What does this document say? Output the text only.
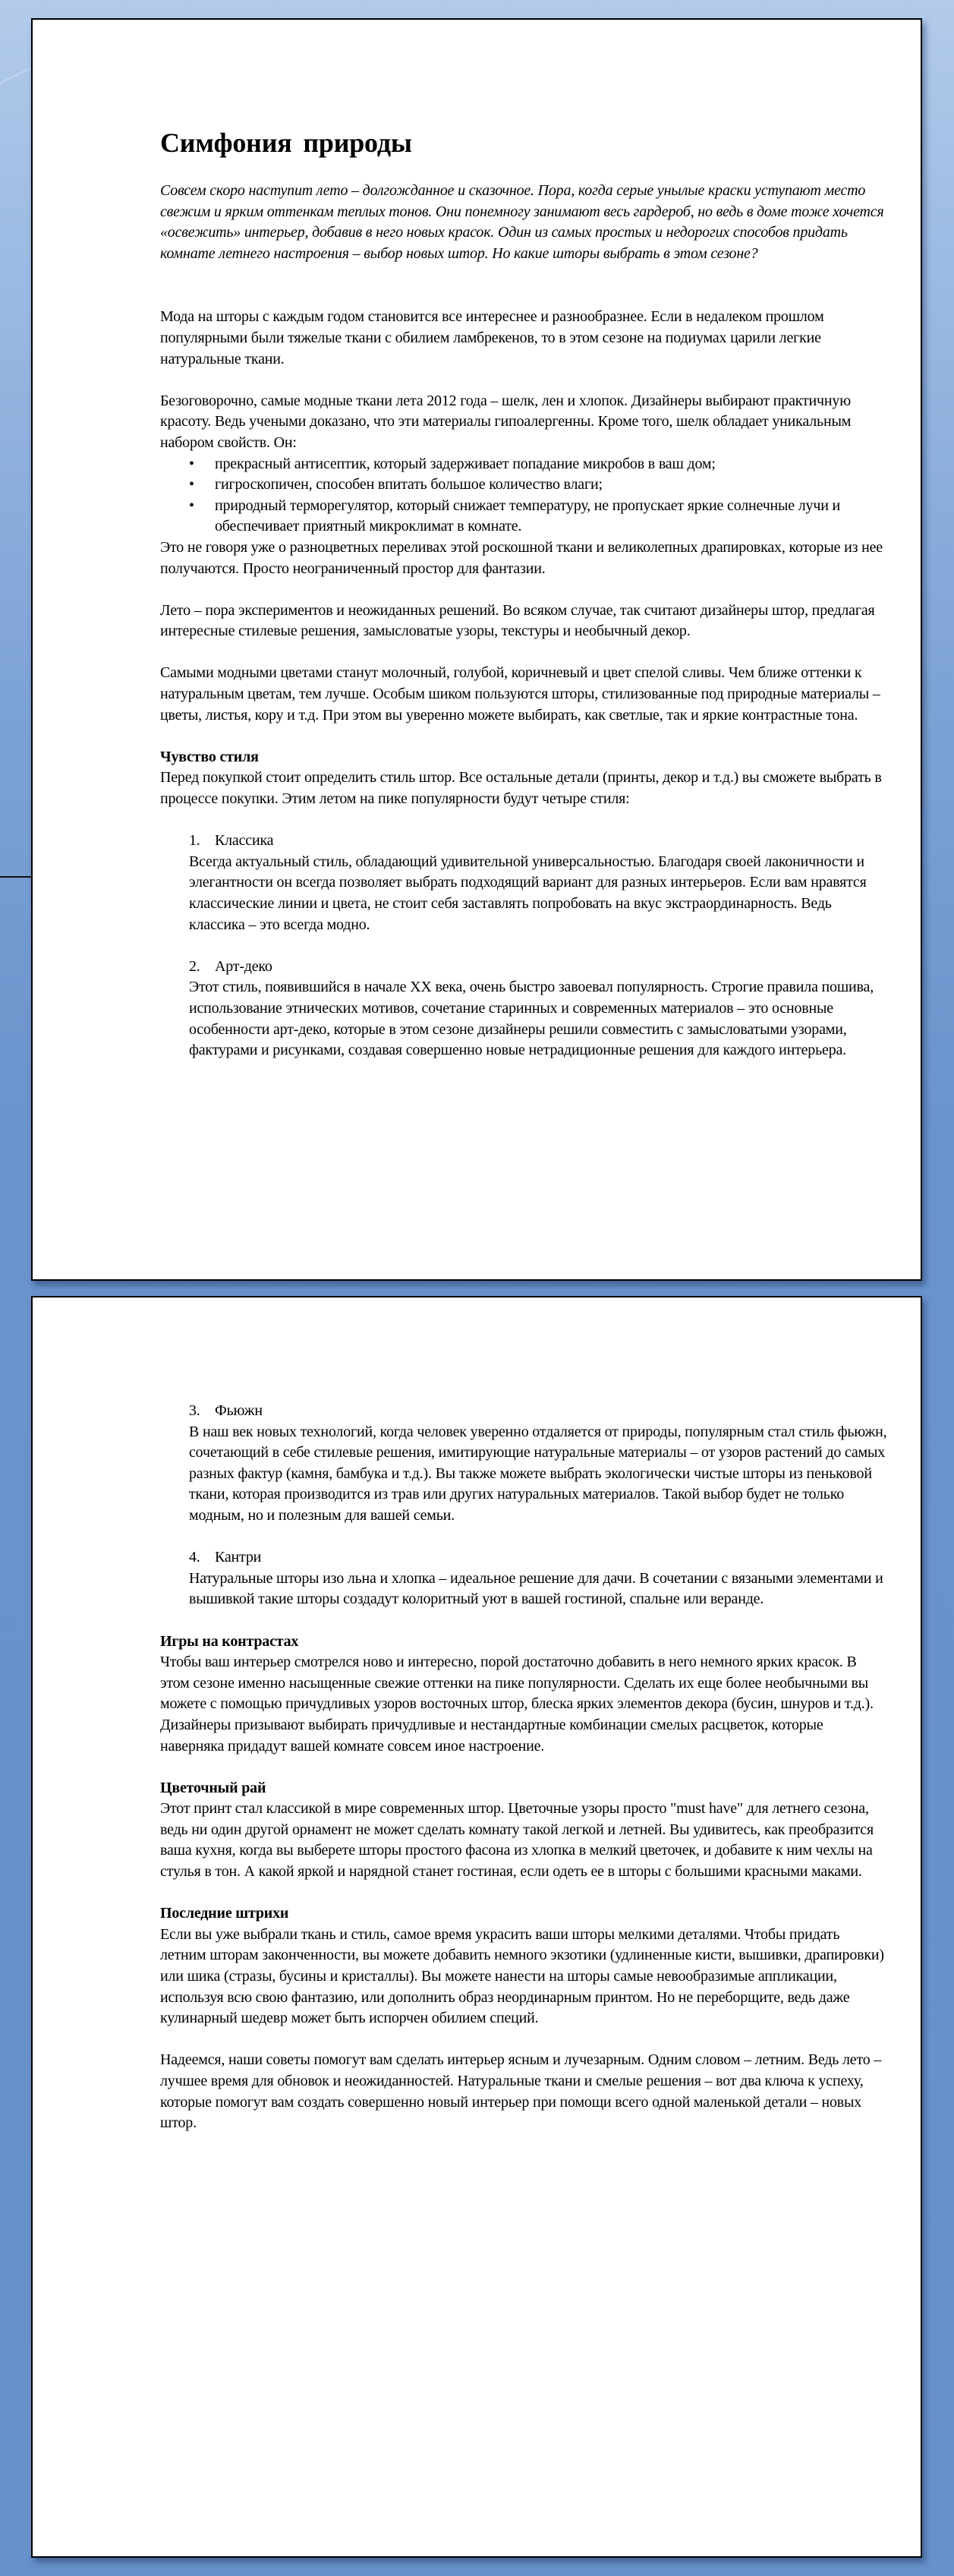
Симфония природы

Совсем скоро наступит лето – долгожданное и сказочное. Пора, когда серые унылые краски уступают место свежим и ярким оттенкам теплых тонов. Они понемногу занимают весь гардероб, но ведь в доме тоже хочется «освежить» интерьер, добавив в него новых красок. Один из самых простых и недорогих способов придать комнате летнего настроения – выбор новых штор. Но какие шторы выбрать в этом сезоне?

Мода на шторы с каждым годом становится все интереснее и разнообразнее. Если в недалеком прошлом популярными были тяжелые ткани с обилием ламбрекенов, то в этом сезоне на подиумах царили легкие натуральные ткани.

Безоговорочно, самые модные ткани лета 2012 года – шелк, лен и хлопок. Дизайнеры выбирают практичную красоту. Ведь учеными доказано, что эти материалы гипоалергенны. Кроме того, шелк обладает уникальным набором свойств. Он:

• прекрасный антисептик, который задерживает попадание микробов в ваш дом;
• гигроскопичен, способен впитать большое количество влаги;
• природный терморегулятор, который снижает температуру, не пропускает яркие солнечные лучи и обеспечивает приятный микроклимат в комнате.

Это не говоря уже о разноцветных переливах этой роскошной ткани и великолепных драпировках, которые из нее получаются. Просто неограниченный простор для фантазии.

Лето – пора экспериментов и неожиданных решений. Во всяком случае, так считают дизайнеры штор, предлагая интересные стилевые решения, замысловатые узоры, текстуры и необычный декор.

Самыми модными цветами станут молочный, голубой, коричневый и цвет спелой сливы. Чем ближе оттенки к натуральным цветам, тем лучше. Особым шиком пользуются шторы, стилизованные под природные материалы – цветы, листья, кору и т.д. При этом вы уверенно можете выбирать, как светлые, так и яркие контрастные тона.

Чувство стиля

Перед покупкой стоит определить стиль штор. Все остальные детали (принты, декор и т.д.) вы сможете выбрать в процессе покупки. Этим летом на пике популярности будут четыре стиля:

1. Классика

Всегда актуальный стиль, обладающий удивительной универсальностью. Благодаря своей лаконичности и элегантности он всегда позволяет выбрать подходящий вариант для разных интерьеров. Если вам нравятся классические линии и цвета, не стоит себя заставлять попробовать на вкус экстраординарность. Ведь классика – это всегда модно.

2. Арт-деко

Этот стиль, появившийся в начале XX века, очень быстро завоевал популярность. Строгие правила пошива, использование этнических мотивов, сочетание старинных и современных материалов – это основные особенности арт-деко, которые в этом сезоне дизайнеры решили совместить с замысловатыми узорами, фактурами и рисунками, создавая совершенно новые нетрадиционные решения для каждого интерьера.

3. Фьюжн

В наш век новых технологий, когда человек уверенно отдаляется от природы, популярным стал стиль фьюжн, сочетающий в себе стилевые решения, имитирующие натуральные материалы – от узоров растений до самых разных фактур (камня, бамбука и т.д.). Вы также можете выбрать экологически чистые шторы из пеньковой ткани, которая производится из трав или других натуральных материалов. Такой выбор будет не только модным, но и полезным для вашей семьи.

4. Кантри

Натуральные шторы изо льна и хлопка – идеальное решение для дачи. В сочетании с вязаными элементами и вышивкой такие шторы создадут колоритный уют в вашей гостиной, спальне или веранде.

Игры на контрастах

Чтобы ваш интерьер смотрелся ново и интересно, порой достаточно добавить в него немного ярких красок. В этом сезоне именно насыщенные свежие оттенки на пике популярности. Сделать их еще более необычными вы можете с помощью причудливых узоров восточных штор, блеска ярких элементов декора (бусин, шнуров и т.д.). Дизайнеры призывают выбирать причудливые и нестандартные комбинации смелых расцветок, которые наверняка придадут вашей комнате совсем иное настроение.

Цветочный рай

Этот принт стал классикой в мире современных штор. Цветочные узоры просто "must have" для летнего сезона, ведь ни один другой орнамент не может сделать комнату такой легкой и летней. Вы удивитесь, как преобразится ваша кухня, когда вы выберете шторы простого фасона из хлопка в мелкий цветочек, и добавите к ним чехлы на стулья в тон. А какой яркой и нарядной станет гостиная, если одеть ее в шторы с большими красными маками.

Последние штрихи

Если вы уже выбрали ткань и стиль, самое время украсить ваши шторы мелкими деталями. Чтобы придать летним шторам законченности, вы можете добавить немного экзотики (удлиненные кисти, вышивки, драпировки) или шика (стразы, бусины и кристаллы). Вы можете нанести на шторы самые невообразимые аппликации, используя всю свою фантазию, или дополнить образ неординарным принтом. Но не переборщите, ведь даже кулинарный шедевр может быть испорчен обилием специй.

Надеемся, наши советы помогут вам сделать интерьер ясным и лучезарным. Одним словом – летним. Ведь лето – лучшее время для обновок и неожиданностей. Натуральные ткани и смелые решения – вот два ключа к успеху, которые помогут вам создать совершенно новый интерьер при помощи всего одной маленькой детали – новых штор.
